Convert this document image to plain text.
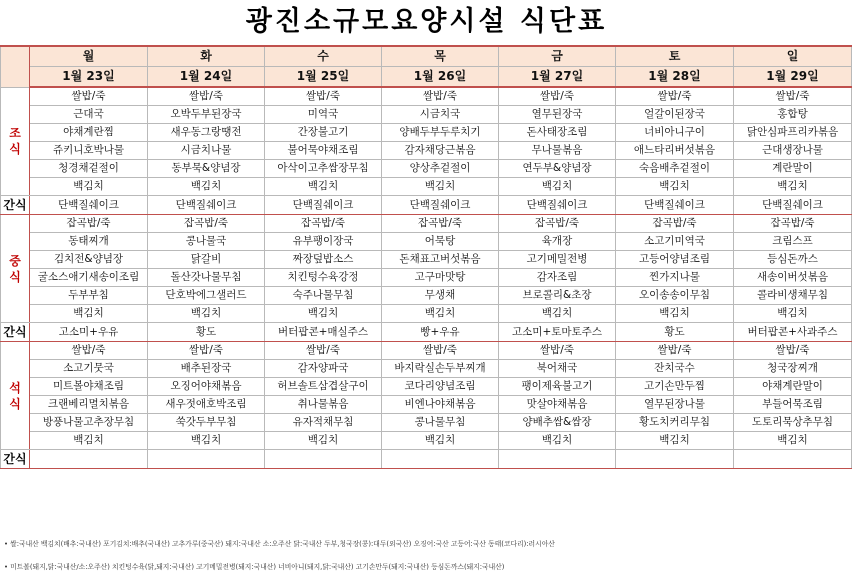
광진소규모요양시설 식단표
	월	화	수	목	금	토	일
	1월 23일	1월 24일	1월 25일	1월 26일	1월 27일	1월 28일	1월 29일
조식	쌀밥/죽	쌀밥/죽	쌀밥/죽	쌀밥/죽	쌀밥/죽	쌀밥/죽	쌀밥/죽
	근대국	오박두부된장국	미역국	시금치국	열무된장국	얼갈이된장국	홍합탕
	야채계란찜	새우동그랑땡전	간장불고기	양배두부두루치기	돈사태장조림	너비아니구이	닭안심파프리카볶음
	쥬키니호박나물	시금치나물	불어묵야채조림	감자채당근볶음	무나물볶음	애느타리버섯볶음	근대생장나물
	청경채겉절이	동부묵&양념장	아삭이고추쌈장무침	양상추겉절이	연두부&양념장	숙음배추겉절이	계란말이
	백김치	백김치	백김치	백김치	백김치	백김치	백김치
간식	단백질쉐이크	단백질쉐이크	단백질쉐이크	단백질쉐이크	단백질쉐이크	단백질쉐이크	단백질쉐이크
중식	잡곡밥/죽	잡곡밥/죽	잡곡밥/죽	잡곡밥/죽	잡곡밥/죽	잡곡밥/죽	잡곡밥/죽
	동태찌개	콩나물국	유부팽이장국	어묵탕	육개장	소고기미역국	크림스프
	김치전&양념장	닭갈비	짜장덮밥소스	돈채표고버섯볶음	고기메밀전병	고등어양념조림	등심돈까스
	굴소스애기새송이조림	돌산갓나물무침	치킨텅수육강정	고구마맛탕	감자조림	찐가지나물	새송이버섯볶음
	두부부침	단호박에그샐러드	숙주나물무침	무생채	브로콜리&초장	오이송송이무침	콜라비생채무침
	백김치	백김치	백김치	백김치	백김치	백김치	백김치
간식	고소미+우유	황도	버터팝콘+매실주스	빵+우유	고소미+토마토주스	황도	버터팝콘+사과주스
석식	쌀밥/죽	쌀밥/죽	쌀밥/죽	쌀밥/죽	쌀밥/죽	쌀밥/죽	쌀밥/죽
	소고기뭇국	배추된장국	감자양파국	바지락실손두부찌개	북어채국	잔치국수	청국장찌개
	미트볼야채조림	오징어야채볶음	허브솔트삼겹살구이	코다리양념조림	팽이제육불고기	고기손만두찜	야채계란말이
	크랜베리멸치볶음	새우젓애호박조림	취나물볶음	비엔나야채볶음	맛살야채볶음	열무된장나물	부들어묵조림
	방풍나물고추장무침	쑥갓두부무침	유자적채무침	콩나물무침	양배추쌈&쌈장	황도치커리무침	도토리묵상추무침
	백김치	백김치	백김치	백김치	백김치	백김치	백김치
간식							
• 쌀:국내산 백김치(배추:국내산) 포기김치:배추(국내산) 고추가루(중국산) 돼지:국내산 소:오주산 닭:국내산 두부,청국장(콩):대두(외국산) 오징어:국산 고등어:국산 동태(코다리):러시아산
• 미트볼(돼지,닭:국내산/소:오주산) 치킨텅수육(닭,돼지:국내산) 고기메밀전병(돼지:국내산) 너비아니(돼지,닭:국내산) 고기손만두(돼지:국내산) 등심돈까스(돼지:국내산)
